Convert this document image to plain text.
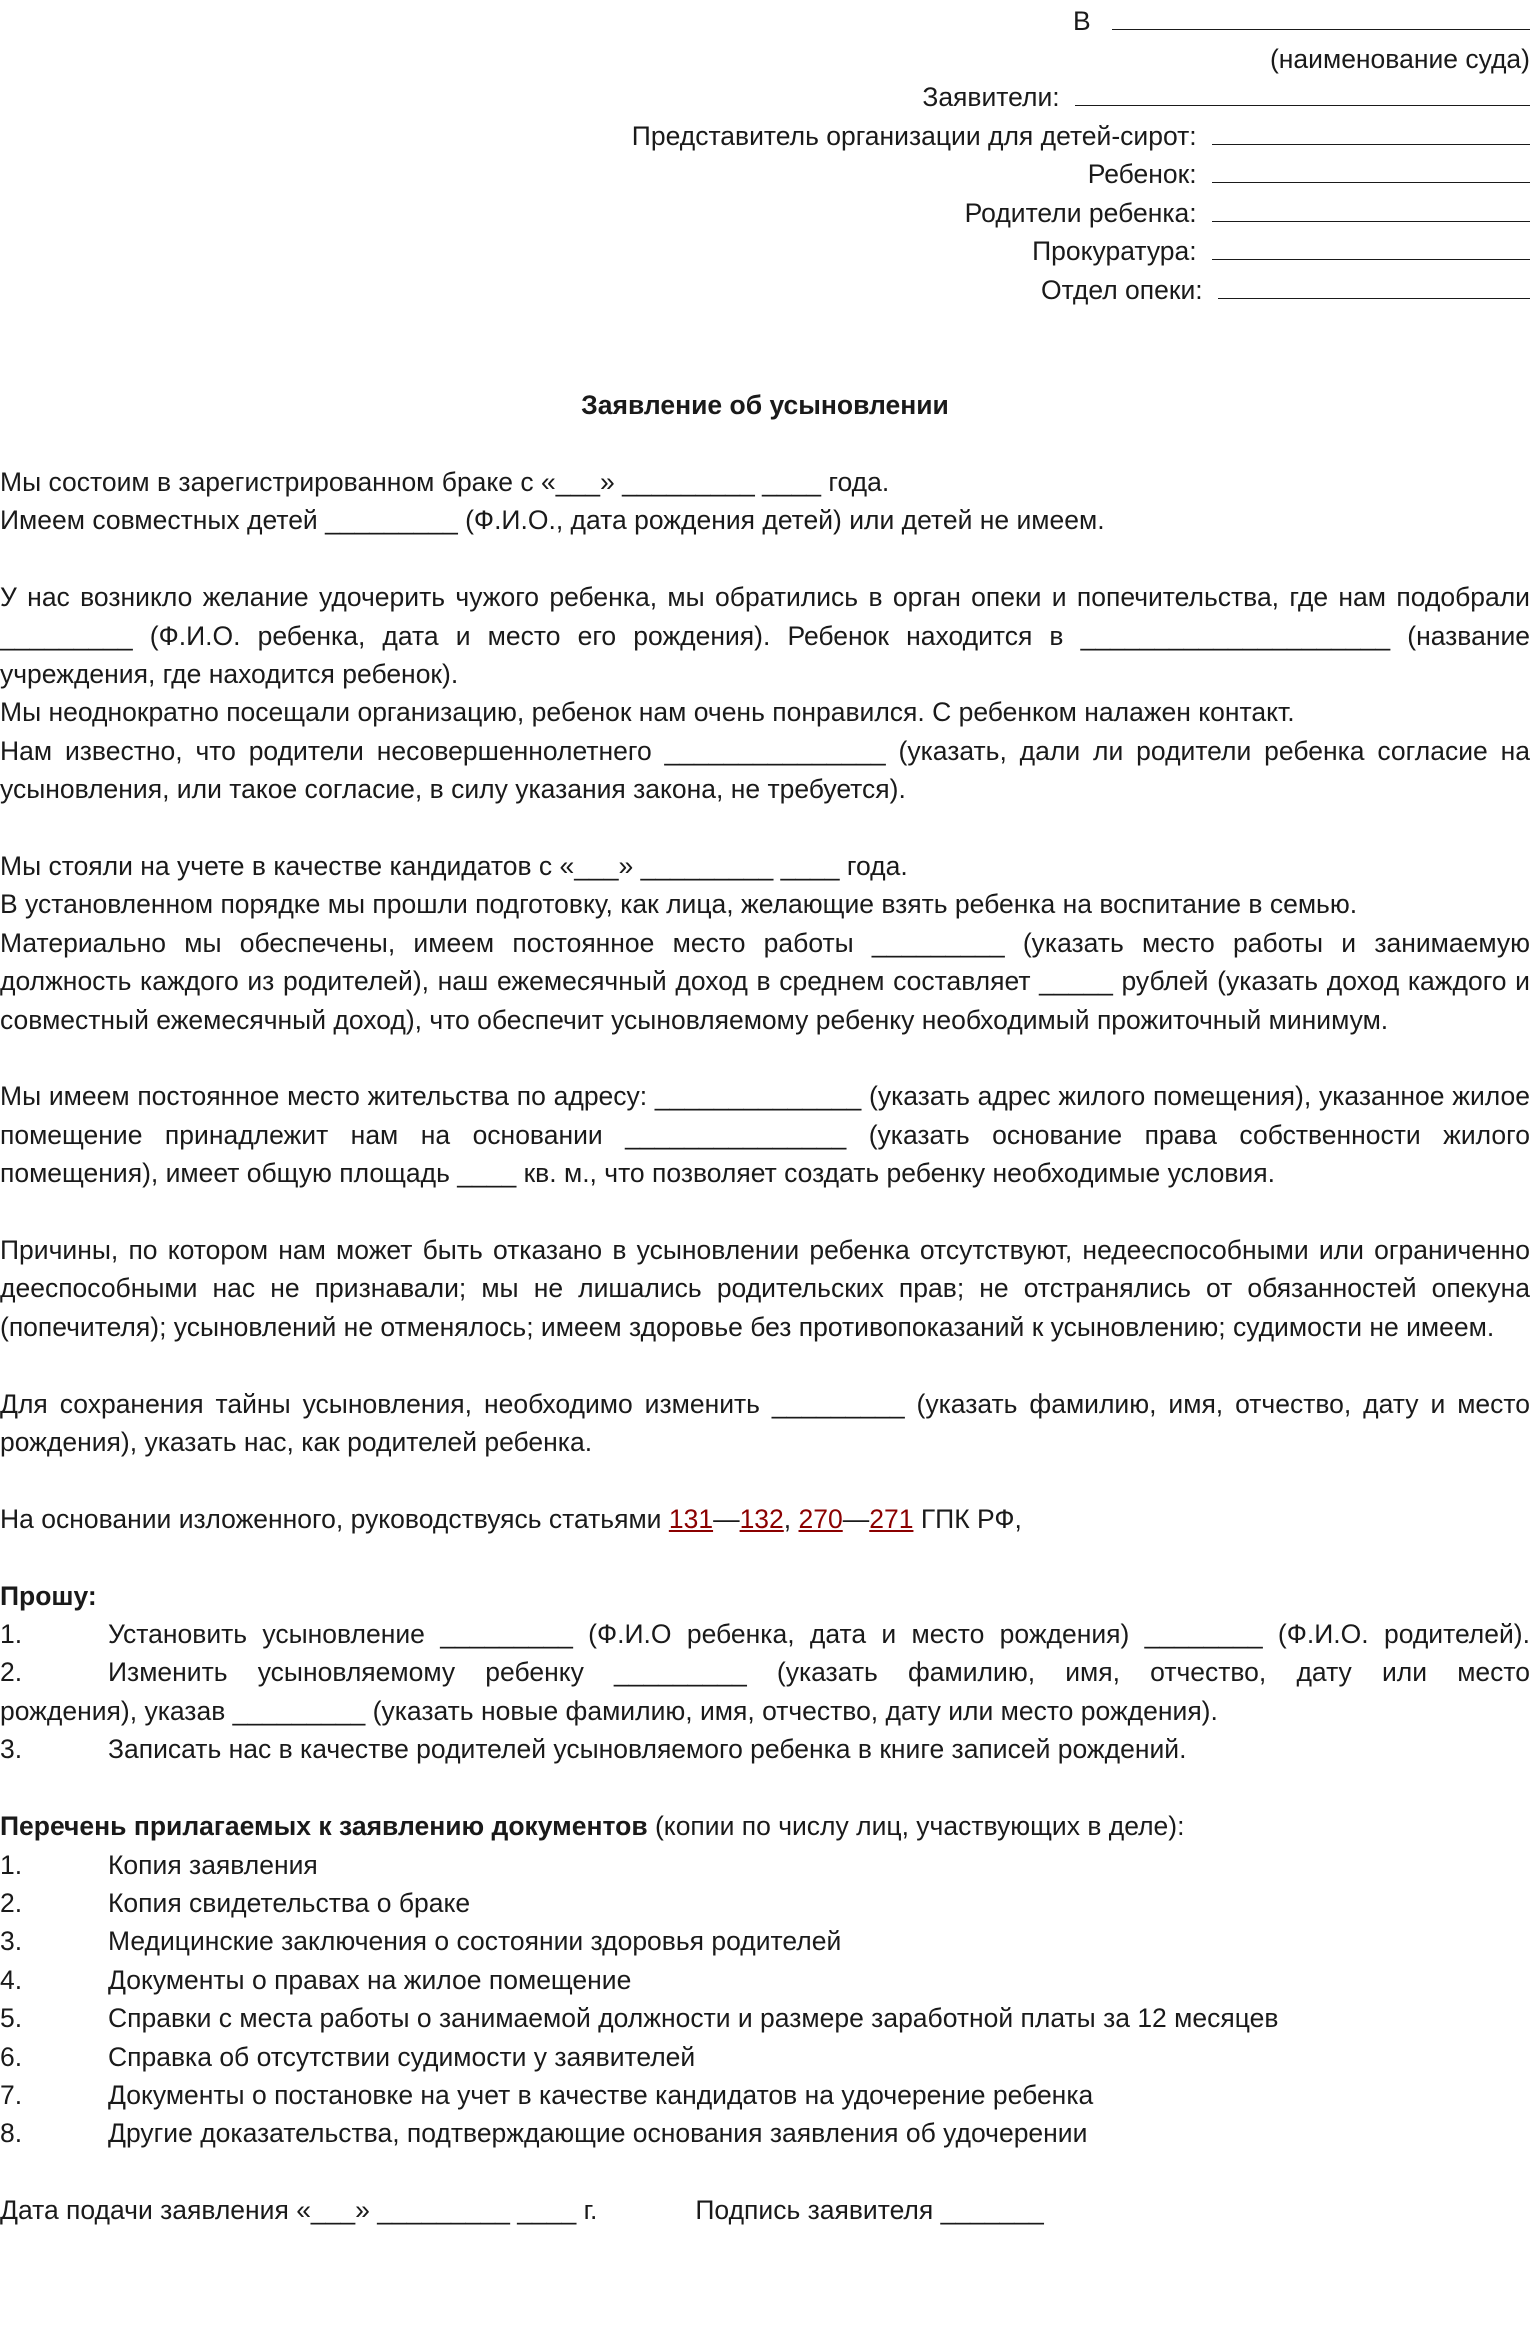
В
(наименование суда)
Заявители:
Представитель организации для детей-сирот:
Ребенок:
Родители ребенка:
Прокуратура:
Отдел опеки:
Заявление об усыновлении

Мы состоим в зарегистрированном браке с «___» _________ ____ года.

Имеем совместных детей _________ (Ф.И.О., дата рождения детей) или детей не имеем.

У нас возникло желание удочерить чужого ребенка, мы обратились в орган опеки и попечительства, где нам подобрали _________ (Ф.И.О. ребенка, дата и место его рождения). Ребенок находится в _____________________ (название учреждения, где находится ребенок).

Мы неоднократно посещали организацию, ребенок нам очень понравился. С ребенком налажен контакт.

Нам известно, что родители несовершеннолетнего _______________ (указать, дали ли родители ребенка согласие на усыновления, или такое согласие, в силу указания закона, не требуется).

Мы стояли на учете в качестве кандидатов с «___» _________ ____ года.

В установленном порядке мы прошли подготовку, как лица, желающие взять ребенка на воспитание в семью.

Материально мы обеспечены, имеем постоянное место работы _________ (указать место работы и занимаемую должность каждого из родителей), наш ежемесячный доход в среднем составляет _____ рублей (указать доход каждого и совместный ежемесячный доход), что обеспечит усыновляемому ребенку необходимый прожиточный минимум.

Мы имеем постоянное место жительства по адресу: ______________ (указать адрес жилого помещения), указанное жилое помещение принадлежит нам на основании _______________ (указать основание права собственности жилого помещения), имеет общую площадь ____ кв. м., что позволяет создать ребенку необходимые условия.

Причины, по котором нам может быть отказано в усыновлении ребенка отсутствуют, недееспособными или ограниченно дееспособными нас не признавали; мы не лишались родительских прав; не отстранялись от обязанностей опекуна (попечителя); усыновлений не отменялось; имеем здоровье без противопоказаний к усыновлению; судимости не имеем.

Для сохранения тайны усыновления, необходимо изменить _________ (указать фамилию, имя, отчество, дату и место рождения), указать нас, как родителей ребенка.

На основании изложенного, руководствуясь статьями 131—132, 270—271 ГПК РФ,

Прошу:

1.	Установить усыновление _________ (Ф.И.О ребенка, дата и место рождения) ________ (Ф.И.О. родителей).

2.	Изменить усыновляемому ребенку _________ (указать фамилию, имя, отчество, дату или место

рождения), указав _________ (указать новые фамилию, имя, отчество, дату или место рождения).

3.	Записать нас в качестве родителей усыновляемого ребенка в книге записей рождений.

Перечень прилагаемых к заявлению документов (копии по числу лиц, участвующих в деле):

1.	Копия заявления

2.	Копия свидетельства о браке

3.	Медицинские заключения о состоянии здоровья родителей

4.	Документы о правах на жилое помещение

5.	Справки с места работы о занимаемой должности и размере заработной платы за 12 месяцев

6.	Справка об отсутствии судимости у заявителей

7.	Документы о постановке на учет в качестве кандидатов на удочерение ребенка

8.	Другие доказательства, подтверждающие основания заявления об удочерении

Дата подачи заявления «___» _________ ____ г.	Подпись заявителя _______
